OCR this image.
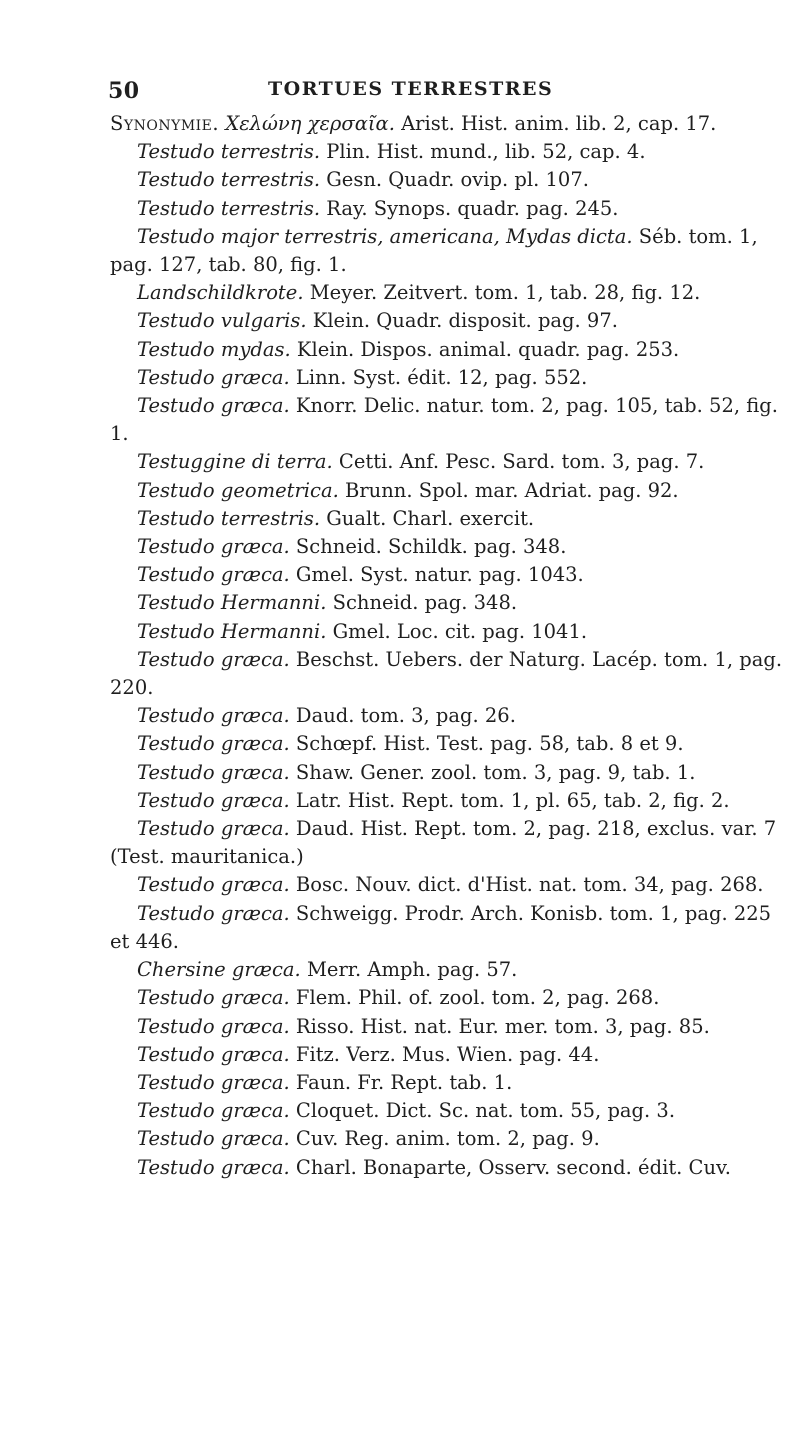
50	TORTUES TERRESTRES

Synonymie. Χελώνη χερσαῖα. Arist. Hist. anim. lib. 2, cap. 17.

Testudo terrestris. Plin. Hist. mund., lib. 52, cap. 4.

Testudo terrestris. Gesn. Quadr. ovip. pl. 107.

Testudo terrestris. Ray. Synops. quadr. pag. 245.

Testudo major terrestris, americana, Mydas dicta. Séb. tom. 1, pag. 127, tab. 80, fig. 1.

Landschildkrote. Meyer. Zeitvert. tom. 1, tab. 28, fig. 12.

Testudo vulgaris. Klein. Quadr. disposit. pag. 97.

Testudo mydas. Klein. Dispos. animal. quadr. pag. 253.

Testudo græca. Linn. Syst. édit. 12, pag. 552.

Testudo græca. Knorr. Delic. natur. tom. 2, pag. 105, tab. 52, fig. 1.

Testuggine di terra. Cetti. Anf. Pesc. Sard. tom. 3, pag. 7.

Testudo geometrica. Brunn. Spol. mar. Adriat. pag. 92.

Testudo terrestris. Gualt. Charl. exercit.

Testudo græca. Schneid. Schildk. pag. 348.

Testudo græca. Gmel. Syst. natur. pag. 1043.

Testudo Hermanni. Schneid. pag. 348.

Testudo Hermanni. Gmel. Loc. cit. pag. 1041.

Testudo græca. Beschst. Uebers. der Naturg. Lacép. tom. 1, pag. 220.

Testudo græca. Daud. tom. 3, pag. 26.

Testudo græca. Schœpf. Hist. Test. pag. 58, tab. 8 et 9.

Testudo græca. Shaw. Gener. zool. tom. 3, pag. 9, tab. 1.

Testudo græca. Latr. Hist. Rept. tom. 1, pl. 65, tab. 2, fig. 2.

Testudo græca. Daud. Hist. Rept. tom. 2, pag. 218, exclus. var. 7 (Test. mauritanica.)

Testudo græca. Bosc. Nouv. dict. d'Hist. nat. tom. 34, pag. 268.

Testudo græca. Schweigg. Prodr. Arch. Konisb. tom. 1, pag. 225 et 446.

Chersine græca. Merr. Amph. pag. 57.

Testudo græca. Flem. Phil. of. zool. tom. 2, pag. 268.

Testudo græca. Risso. Hist. nat. Eur. mer. tom. 3, pag. 85.

Testudo græca. Fitz. Verz. Mus. Wien. pag. 44.

Testudo græca. Faun. Fr. Rept. tab. 1.

Testudo græca. Cloquet. Dict. Sc. nat. tom. 55, pag. 3.

Testudo græca. Cuv. Reg. anim. tom. 2, pag. 9.

Testudo græca. Charl. Bonaparte, Osserv. second. édit. Cuv.
